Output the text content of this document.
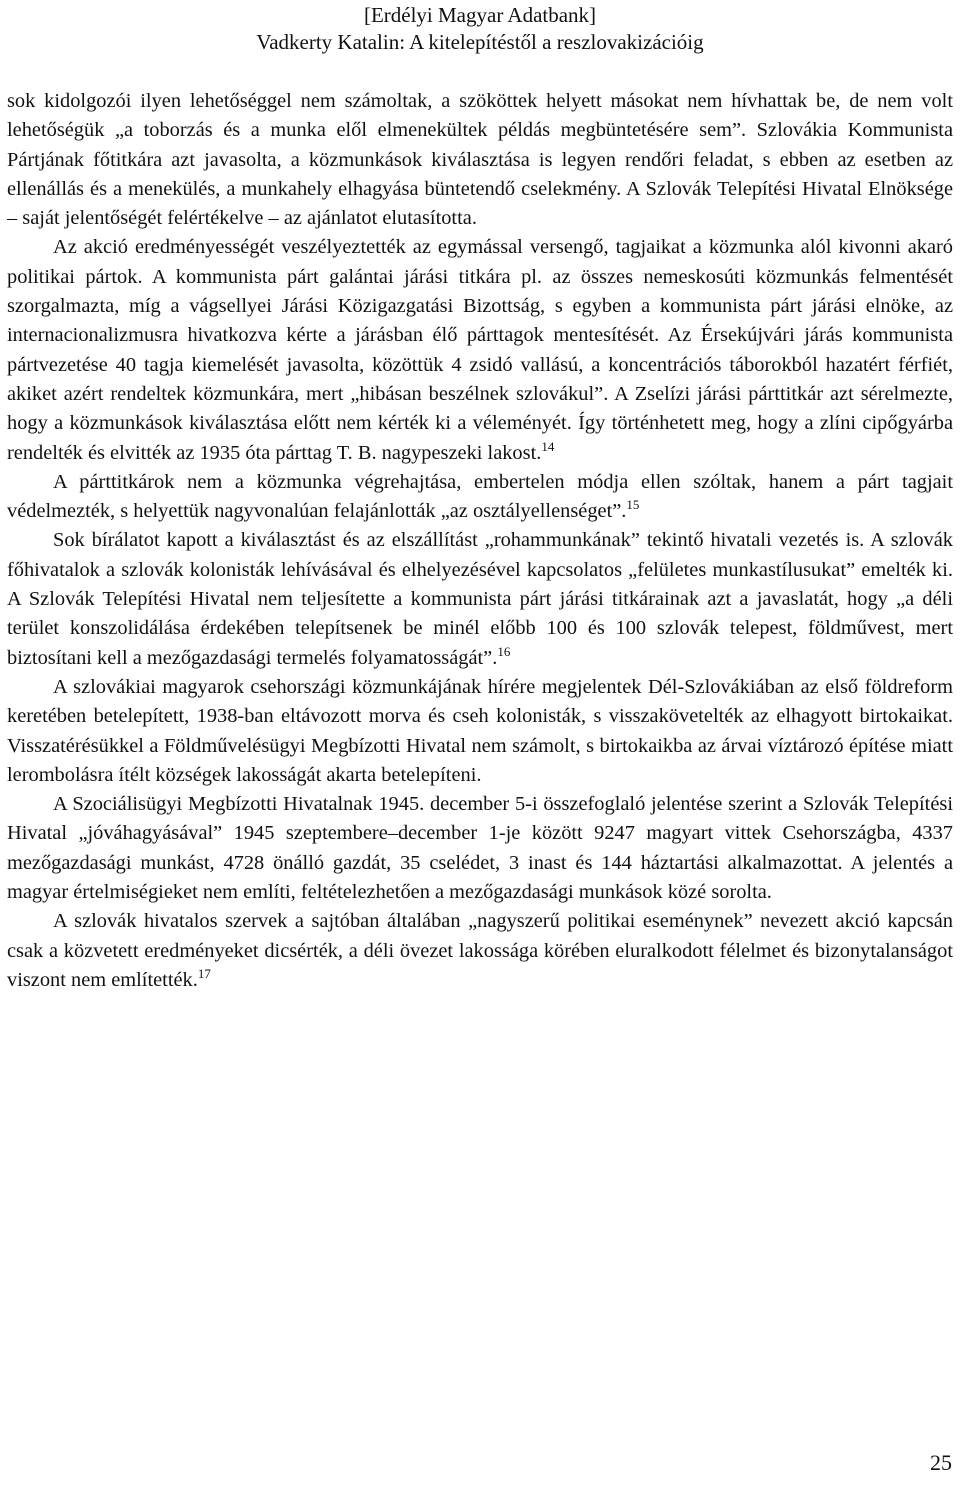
[Erdélyi Magyar Adatbank]
Vadkerty Katalin: A kitelepítéstől a reszlovakizációig

sok kidolgozói ilyen lehetőséggel nem számoltak, a szököttek helyett másokat nem hívhattak be, de nem volt lehetőségük „a toborzás és a munka elől elmenekültek példás megbüntetésére sem”. Szlovákia Kommunista Pártjának főtitkára azt javasolta, a közmunkások kiválasztása is legyen rendőri feladat, s ebben az esetben az ellenállás és a menekülés, a munkahely elhagyása büntetendő cselekmény. A Szlovák Telepítési Hivatal Elnöksége – saját jelentőségét felértékelve – az ajánlatot elutasította.

Az akció eredményességét veszélyeztették az egymással versengő, tagjaikat a közmunka alól kivonni akaró politikai pártok. A kommunista párt galántai járási titkára pl. az összes nemeskosúti közmunkás felmentését szorgalmazta, míg a vágsellyei Járási Közigazgatási Bizottság, s egyben a kommunista párt járási elnöke, az internacionalizmusra hivatkozva kérte a járásban élő párttagok mentesítését. Az Érsekújvári járás kommunista pártvezetése 40 tagja kiemelését javasolta, közöttük 4 zsidó vallású, a koncentrációs táborokból hazatért férfiét, akiket azért rendeltek közmunkára, mert „hibásan beszélnek szlovákul”. A Zselízi járási párttitkár azt sérelmezte, hogy a közmunkások kiválasztása előtt nem kérték ki a véleményét. Így történhetett meg, hogy a zlíni cipőgyárba rendelték és elvitték az 1935 óta párttag T. B. nagypeszeki lakost.$^{14}$

A párttitkárok nem a közmunka végrehajtása, embertelen módja ellen szóltak, hanem a párt tagjait védelmezték, s helyettük nagyvonalúan felajánlották „az osztályellenséget”.$^{15}$

Sok bírálatot kapott a kiválasztást és az elszállítást „rohammunkának” tekintő hivatali vezetés is. A szlovák főhivatalok a szlovák kolonisták lehívásával és elhelyezésével kapcsolatos „felületes munkastílusukat” emelték ki. A Szlovák Telepítési Hivatal nem teljesítette a kommunista párt járási titkárainak azt a javaslatát, hogy „a déli terület konszolidálása érdekében telepítsenek be minél előbb 100 és 100 szlovák telepest, földművest, mert biztosítani kell a mezőgazdasági termelés folyamatosságát”.$^{16}$

A szlovákiai magyarok csehországi közmunkájának hírére megjelentek Dél-Szlovákiában az első földreform keretében betelepített, 1938-ban eltávozott morva és cseh kolonisták, s visszakövetelték az elhagyott birtokaikat. Visszatérésükkel a Földművelésügyi Megbízotti Hivatal nem számolt, s birtokaikba az árvai víztározó építése miatt lerombolásra ítélt községek lakosságát akarta betelepíteni.

A Szociálisügyi Megbízotti Hivatalnak 1945. december 5-i összefoglaló jelentése szerint a Szlovák Telepítési Hivatal „jóváhagyásával” 1945 szeptembere–december 1-je között 9247 magyart vittek Csehországba, 4337 mezőgazdasági munkást, 4728 önálló gazdát, 35 cselédet, 3 inast és 144 háztartási alkalmazottat. A jelentés a magyar értelmiségieket nem említi, feltételezhetően a mezőgazdasági munkások közé sorolta.

A szlovák hivatalos szervek a sajtóban általában „nagyszerű politikai eseménynek” nevezett akció kapcsán csak a közvetett eredményeket dicsérték, a déli övezet lakossága körében eluralkodott félelmet és bizonytalanságot viszont nem említették.$^{17}$

25
